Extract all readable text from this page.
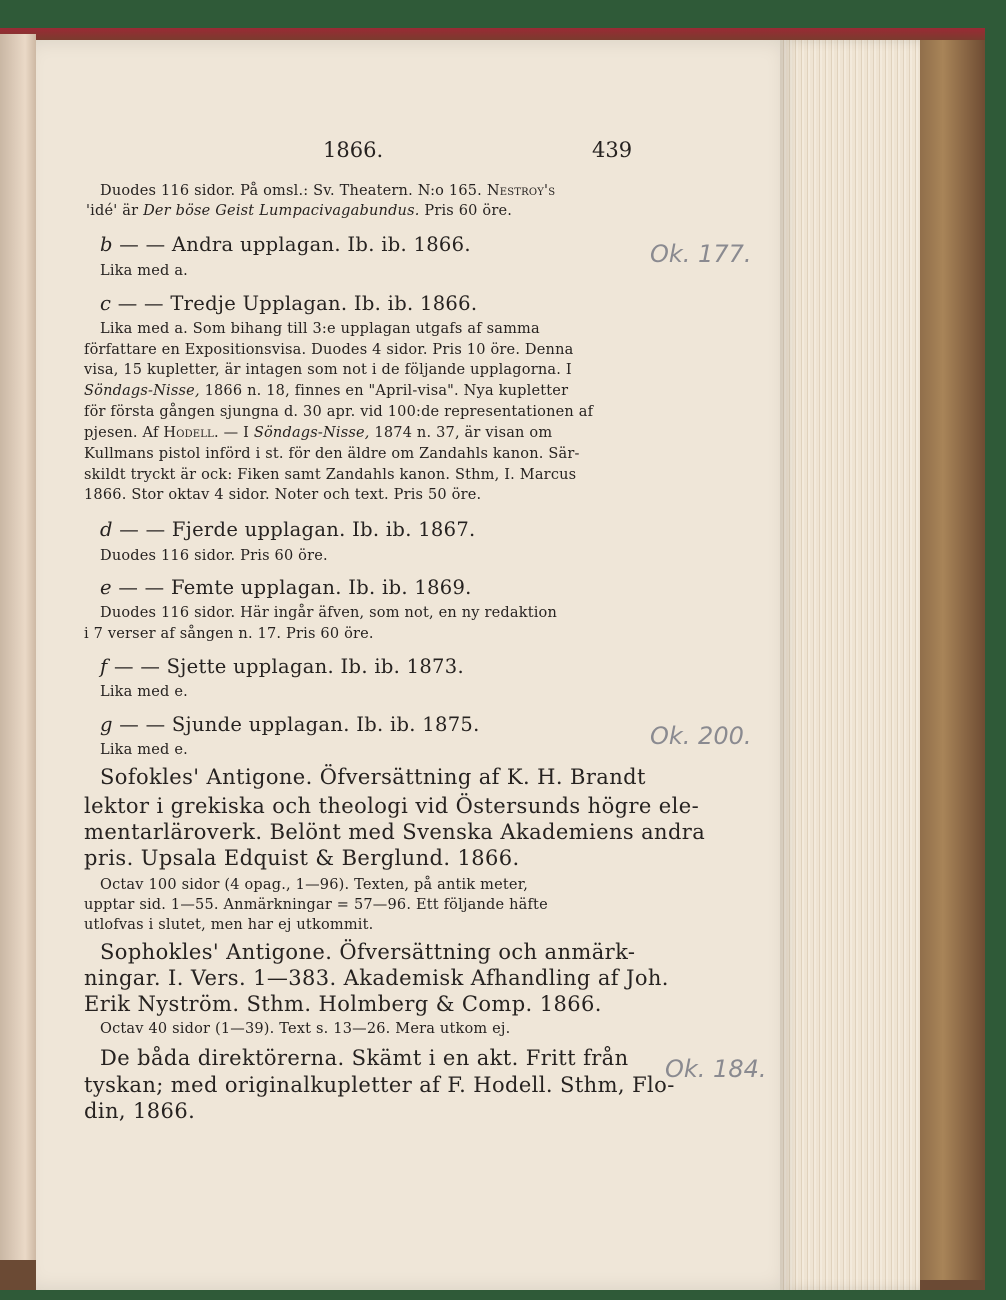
1866.	439
Duodes 116 sidor. På omsl.: Sv. Theatern. N:o 165. Nestroy's
'idé' är Der böse Geist Lumpacivagabundus. Pris 60 öre.
b — — Andra upplagan. Ib. ib. 1866.
Lika med a.
c — — Tredje Upplagan. Ib. ib. 1866.
Lika med a. Som bihang till 3:e upplagan utgafs af samma
författare en Expositionsvisa. Duodes 4 sidor. Pris 10 öre. Denna
visa, 15 kupletter, är intagen som not i de följande upplagorna. I
Söndags-Nisse, 1866 n. 18, finnes en "April-visa". Nya kupletter
för första gången sjungna d. 30 apr. vid 100:de representationen af
pjesen. Af Hodell. — I Söndags-Nisse, 1874 n. 37, är visan om
Kullmans pistol införd i st. för den äldre om Zandahls kanon. Sär-
skildt tryckt är ock: Fiken samt Zandahls kanon. Sthm, I. Marcus
1866. Stor oktav 4 sidor. Noter och text. Pris 50 öre.
d — — Fjerde upplagan. Ib. ib. 1867.
Duodes 116 sidor. Pris 60 öre.
e — — Femte upplagan. Ib. ib. 1869.
Duodes 116 sidor. Här ingår äfven, som not, en ny redaktion
i 7 verser af sången n. 17. Pris 60 öre.
f — — Sjette upplagan. Ib. ib. 1873.
Lika med e.
g — — Sjunde upplagan. Ib. ib. 1875.
Lika med e.
Sofokles' Antigone. Öfversättning af K. H. Brandt
lektor i grekiska och theologi vid Östersunds högre ele-
mentarläroverk. Belönt med Svenska Akademiens andra
pris. Upsala Edquist & Berglund. 1866.
Octav 100 sidor (4 opag., 1—96). Texten, på antik meter,
upptar sid. 1—55. Anmärkningar = 57—96. Ett följande häfte
utlofvas i slutet, men har ej utkommit.
Sophokles' Antigone. Öfversättning och anmärk-
ningar. I. Vers. 1—383. Akademisk Afhandling af Joh.
Erik Nyström. Sthm. Holmberg & Comp. 1866.
Octav 40 sidor (1—39). Text s. 13—26. Mera utkom ej.
De båda direktörerna. Skämt i en akt. Fritt från
tyskan; med originalkupletter af F. Hodell. Sthm, Flo-
din, 1866.
Ok. 177.
Ok. 200.
Ok. 184.
